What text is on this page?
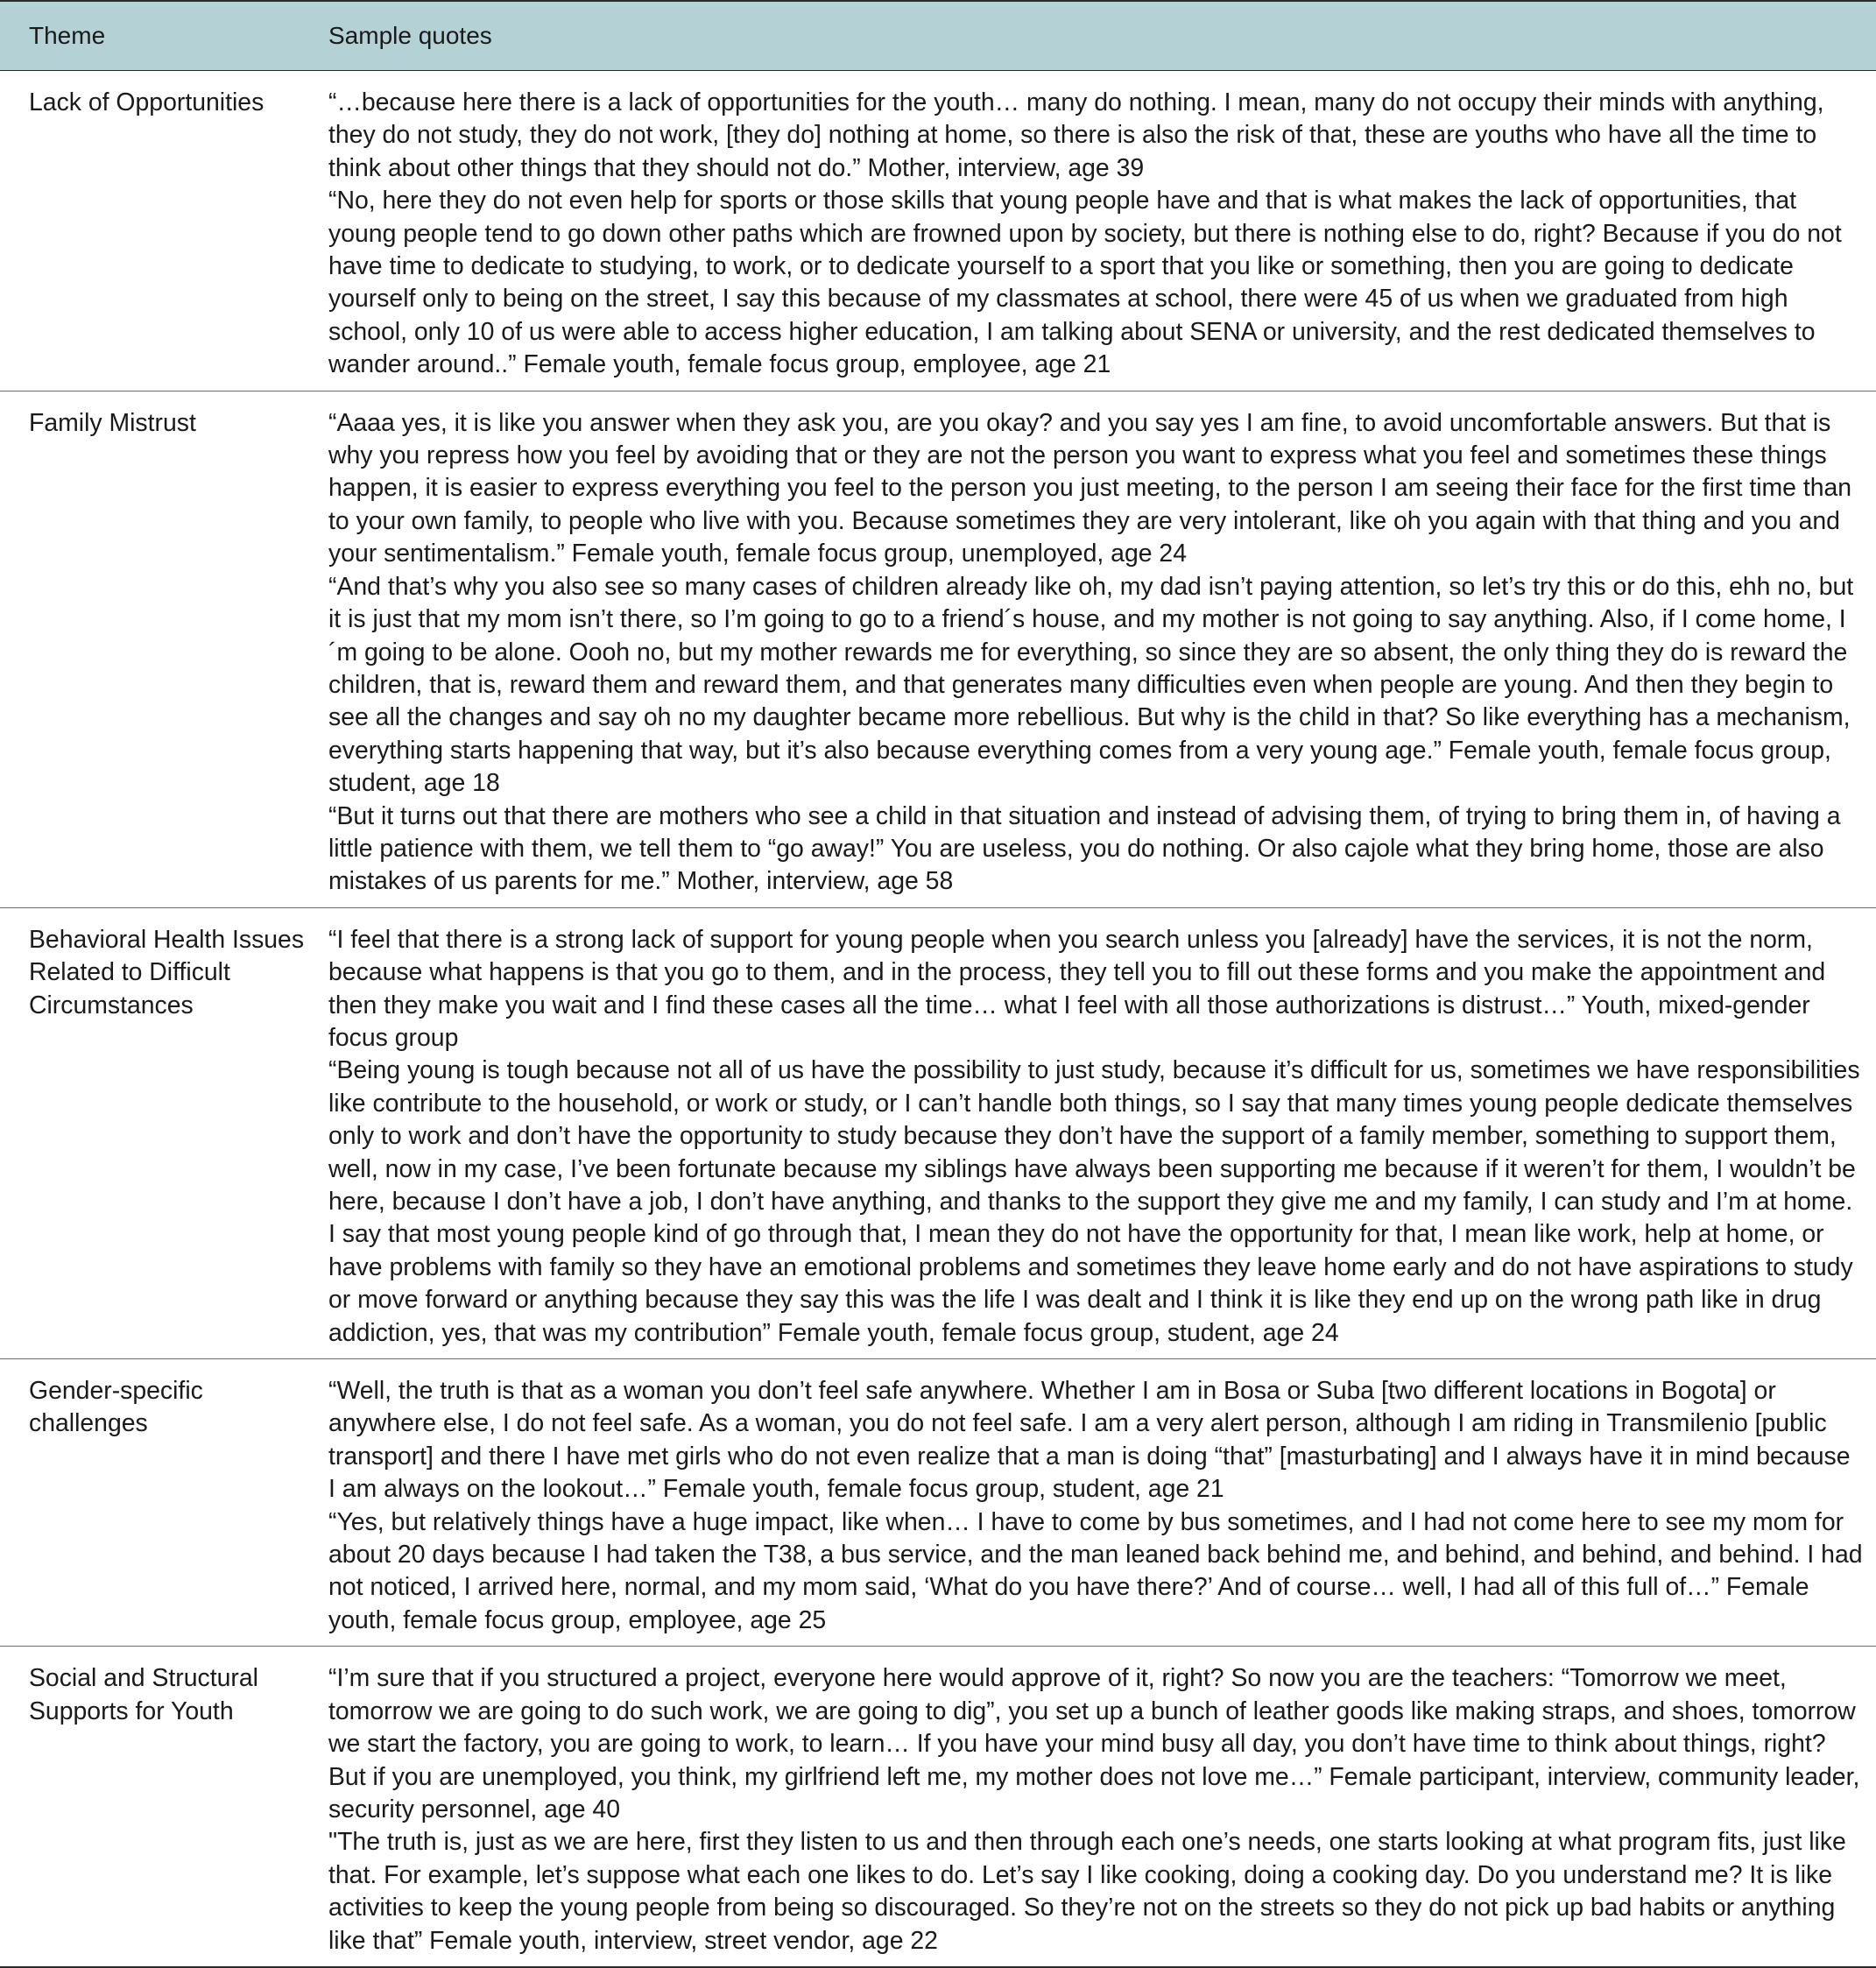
Theme	Sample quotes
Lack of Opportunities	“…because here there is a lack of opportunities for the youth… many do nothing. I mean, many do not occupy their minds with anything, they do not study, they do not work, [they do] nothing at home, so there is also the risk of that, these are youths who have all the time to think about other things that they should not do.” Mother, interview, age 39
“No, here they do not even help for sports or those skills that young people have and that is what makes the lack of opportunities, that young people tend to go down other paths which are frowned upon by society, but there is nothing else to do, right? Because if you do not have time to dedicate to studying, to work, or to dedicate yourself to a sport that you like or something, then you are going to dedicate yourself only to being on the street, I say this because of my classmates at school, there were 45 of us when we graduated from high school, only 10 of us were able to access higher education, I am talking about SENA or university, and the rest dedicated themselves to wander around..” Female youth, female focus group, employee, age 21

Family Mistrust	“Aaaa yes, it is like you answer when they ask you, are you okay? and you say yes I am fine, to avoid uncomfortable answers. But that is why you repress how you feel by avoiding that or they are not the person you want to express what you feel and sometimes these things happen, it is easier to express everything you feel to the person you just meeting, to the person I am seeing their face for the first time than to your own family, to people who live with you. Because sometimes they are very intolerant, like oh you again with that thing and you and your sentimentalism.” Female youth, female focus group, unemployed, age 24
“And that’s why you also see so many cases of children already like oh, my dad isn’t paying attention, so let’s try this or do this, ehh no, but it is just that my mom isn’t there, so I’m going to go to a friend´s house, and my mother is not going to say anything. Also, if I come home, I´m going to be alone. Oooh no, but my mother rewards me for everything, so since they are so absent, the only thing they do is reward the children, that is, reward them and reward them, and that generates many difficulties even when people are young. And then they begin to see all the changes and say oh no my daughter became more rebellious. But why is the child in that? So like everything has a mechanism, everything starts happening that way, but it’s also because everything comes from a very young age.” Female youth, female focus group, student, age 18
“But it turns out that there are mothers who see a child in that situation and instead of advising them, of trying to bring them in, of having a little patience with them, we tell them to “go away!” You are useless, you do nothing. Or also cajole what they bring home, those are also mistakes of us parents for me.” Mother, interview, age 58

Behavioral Health Issues Related to Difficult Circumstances	“I feel that there is a strong lack of support for young people when you search unless you [already] have the services, it is not the norm, because what happens is that you go to them, and in the process, they tell you to fill out these forms and you make the appointment and then they make you wait and I find these cases all the time… what I feel with all those authorizations is distrust…” Youth, mixed-gender focus group
“Being young is tough because not all of us have the possibility to just study, because it’s difficult for us, sometimes we have responsibilities like contribute to the household, or work or study, or I can’t handle both things, so I say that many times young people dedicate themselves only to work and don’t have the opportunity to study because they don’t have the support of a family member, something to support them, well, now in my case, I’ve been fortunate because my siblings have always been supporting me because if it weren’t for them, I wouldn’t be here, because I don’t have a job, I don’t have anything, and thanks to the support they give me and my family, I can study and I’m at home. I say that most young people kind of go through that, I mean they do not have the opportunity for that, I mean like work, help at home, or have problems with family so they have an emotional problems and sometimes they leave home early and do not have aspirations to study or move forward or anything because they say this was the life I was dealt and I think it is like they end up on the wrong path like in drug addiction, yes, that was my contribution” Female youth, female focus group, student, age 24

Gender-specific challenges	“Well, the truth is that as a woman you don’t feel safe anywhere. Whether I am in Bosa or Suba [two different locations in Bogota] or anywhere else, I do not feel safe. As a woman, you do not feel safe. I am a very alert person, although I am riding in Transmilenio [public transport] and there I have met girls who do not even realize that a man is doing “that” [masturbating] and I always have it in mind because I am always on the lookout…” Female youth, female focus group, student, age 21
“Yes, but relatively things have a huge impact, like when… I have to come by bus sometimes, and I had not come here to see my mom for about 20 days because I had taken the T38, a bus service, and the man leaned back behind me, and behind, and behind, and behind. I had not noticed, I arrived here, normal, and my mom said, ‘What do you have there?’ And of course… well, I had all of this full of…” Female youth, female focus group, employee, age 25

Social and Structural Supports for Youth	“I’m sure that if you structured a project, everyone here would approve of it, right? So now you are the teachers: “Tomorrow we meet, tomorrow we are going to do such work, we are going to dig”, you set up a bunch of leather goods like making straps, and shoes, tomorrow we start the factory, you are going to work, to learn… If you have your mind busy all day, you don’t have time to think about things, right? But if you are unemployed, you think, my girlfriend left me, my mother does not love me…” Female participant, interview, community leader, security personnel, age 40
"The truth is, just as we are here, first they listen to us and then through each one’s needs, one starts looking at what program fits, just like that. For example, let’s suppose what each one likes to do. Let’s say I like cooking, doing a cooking day. Do you understand me? It is like activities to keep the young people from being so discouraged. So they’re not on the streets so they do not pick up bad habits or anything like that” Female youth, interview, street vendor, age 22
